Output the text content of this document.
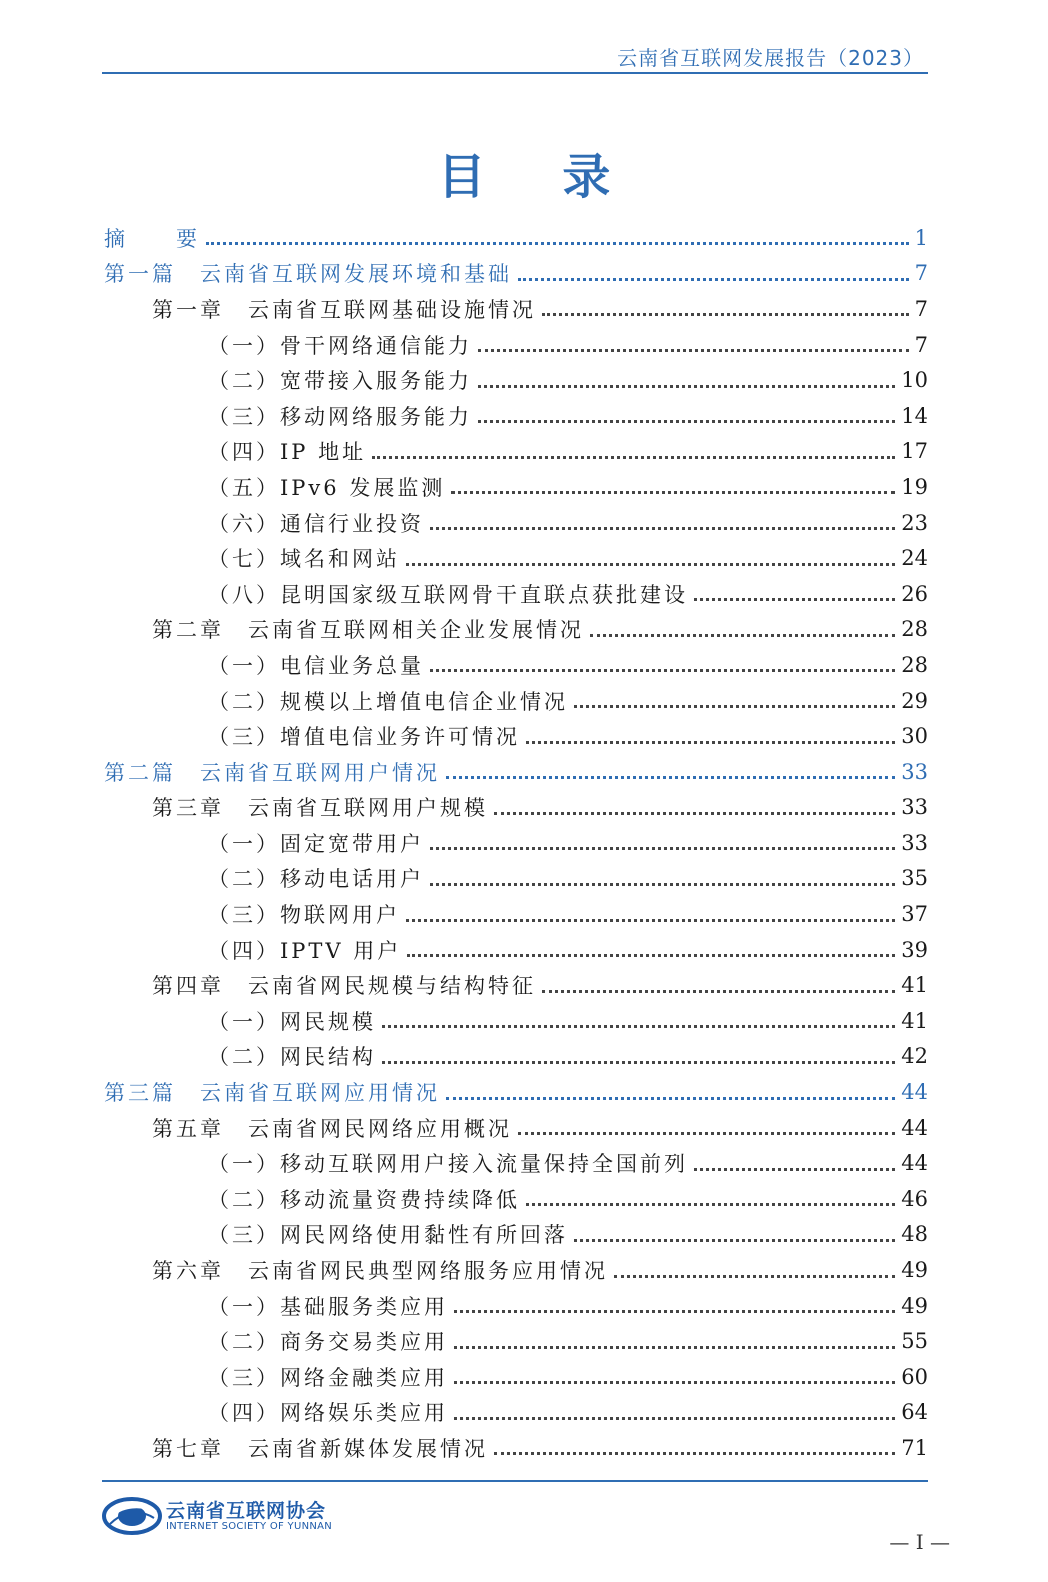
云南省互联网发展报告（2023）
目 录
摘　　要	1
第一篇　云南省互联网发展环境和基础	7
第一章　云南省互联网基础设施情况	7
（一）骨干网络通信能力	7
（二）宽带接入服务能力	10
（三）移动网络服务能力	14
（四）IP 地址	17
（五）IPv6 发展监测	19
（六）通信行业投资	23
（七）域名和网站	24
（八）昆明国家级互联网骨干直联点获批建设	26
第二章　云南省互联网相关企业发展情况	28
（一）电信业务总量	28
（二）规模以上增值电信企业情况	29
（三）增值电信业务许可情况	30
第二篇　云南省互联网用户情况	33
第三章　云南省互联网用户规模	33
（一）固定宽带用户	33
（二）移动电话用户	35
（三）物联网用户	37
（四）IPTV 用户	39
第四章　云南省网民规模与结构特征	41
（一）网民规模	41
（二）网民结构	42
第三篇　云南省互联网应用情况	44
第五章　云南省网民网络应用概况	44
（一）移动互联网用户接入流量保持全国前列	44
（二）移动流量资费持续降低	46
（三）网民网络使用黏性有所回落	48
第六章　云南省网民典型网络服务应用情况	49
（一）基础服务类应用	49
（二）商务交易类应用	55
（三）网络金融类应用	60
（四）网络娱乐类应用	64
第七章　云南省新媒体发展情况	71
云南省互联网协会
INTERNET SOCIETY OF YUNNAN
— I —
